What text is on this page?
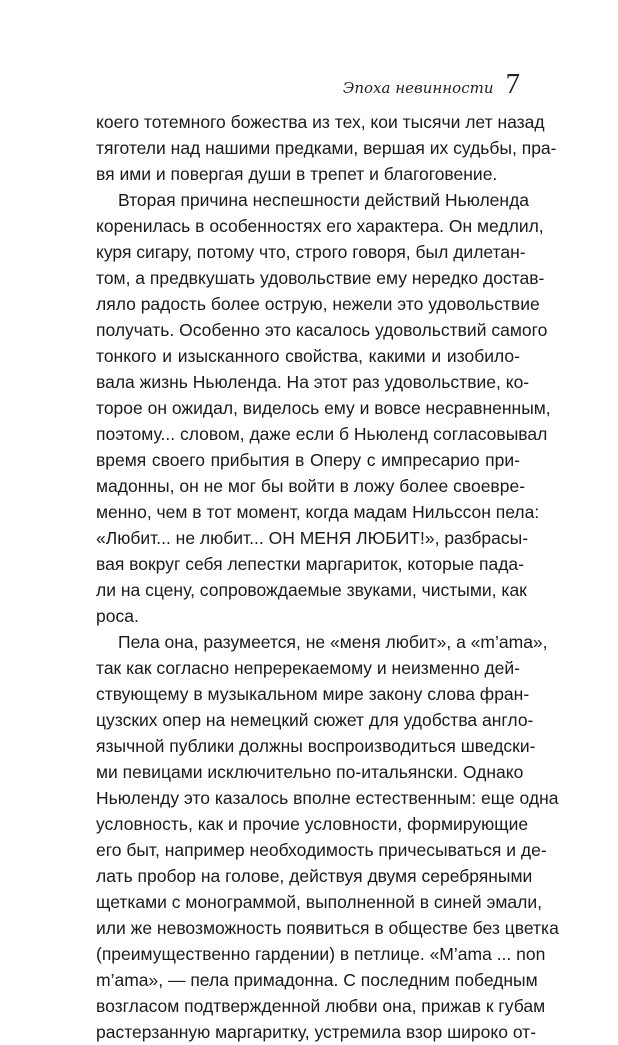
Эпоха невинности 7
коего тотемного божества из тех, кои тысячи лет назад
тяготели над нашими предками, вершая их судьбы, пра-
вя ими и повергая души в трепет и благоговение.
Вторая причина неспешности действий Ньюленда
коренилась в особенностях его характера. Он медлил,
куря сигару, потому что, строго говоря, был дилетан-
том, а предвкушать удовольствие ему нередко достав-
ляло радость более острую, нежели это удовольствие
получать. Особенно это касалось удовольствий самого
тонкого и изысканного свойства, какими и изобило-
вала жизнь Ньюленда. На этот раз удовольствие, ко-
торое он ожидал, виделось ему и вовсе несравненным,
поэтому... словом, даже если б Ньюленд согласовывал
время своего прибытия в Оперу с импресарио при-
мадонны, он не мог бы войти в ложу более своевре-
менно, чем в тот момент, когда мадам Нильссон пела:
«Любит... не любит... ОН МЕНЯ ЛЮБИТ!», разбрасы-
вая вокруг себя лепестки маргариток, которые пада-
ли на сцену, сопровождаемые звуками, чистыми, как
роса.
Пела она, разумеется, не «меня любит», а «m’ama»,
так как согласно непререкаемому и неизменно дей-
ствующему в музыкальном мире закону слова фран-
цузских опер на немецкий сюжет для удобства англо-
язычной публики должны воспроизводиться шведски-
ми певицами исключительно по-итальянски. Однако
Ньюленду это казалось вполне естественным: еще одна
условность, как и прочие условности, формирующие
его быт, например необходимость причесываться и де-
лать пробор на голове, действуя двумя серебряными
щетками с монограммой, выполненной в синей эмали,
или же невозможность появиться в обществе без цветка
(преимущественно гардении) в петлице. «M’ama ... non
m’ama», — пела примадонна. С последним победным
возгласом подтвержденной любви она, прижав к губам
растерзанную маргаритку, устремила взор широко от-
